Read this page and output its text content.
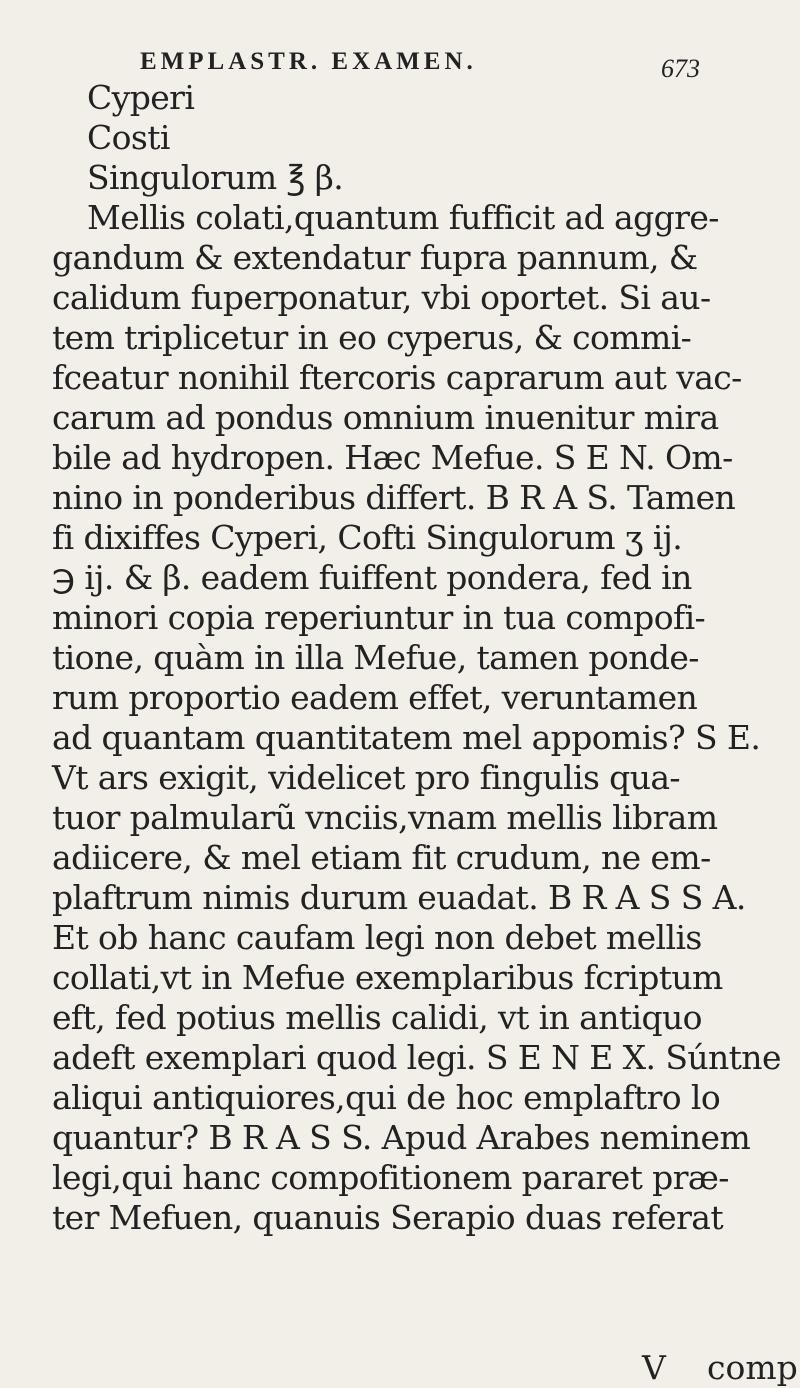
EMPLASTR. EXAMEN.	673
Cyperi
Costi
Singulorum ℥ β.
Mellis colati,quantum fufficit ad aggre-
gandum & extendatur fupra pannum, &
calidum fuperponatur, vbi oportet. Si au-
tem triplicetur in eo cyperus, & commi-
fceatur nonihil ftercoris caprarum aut vac-
carum ad pondus omnium inuenitur mira
bile ad hydropen. Hæc Mefue. S E N. Om-
nino in ponderibus differt. B R A S. Tamen
fi dixiffes Cyperi, Cofti Singulorum ʒ ij.
℈ ij. & β. eadem fuiffent pondera, fed in
minori copia reperiuntur in tua compofi-
tione, quàm in illa Mefue, tamen ponde-
rum proportio eadem effet, veruntamen
ad quantam quantitatem mel appomis? S E.
Vt ars exigit, videlicet pro fingulis qua-
tuor palmularũ vnciis,vnam mellis libram
adiicere, & mel etiam fit crudum, ne em-
plaftrum nimis durum euadat. B R A S S A.
Et ob hanc caufam legi non debet mellis
collati,vt in Mefue exemplaribus fcriptum
eft, fed potius mellis calidi, vt in antiquo
adeft exemplari quod legi. S E N E X. Súntne
aliqui antiquiores,qui de hoc emplaftro lo
quantur? B R A S S. Apud Arabes neminem
legi,qui hanc compofitionem pararet præ-
ter Mefuen, quanuis Serapio duas referat
V comp
